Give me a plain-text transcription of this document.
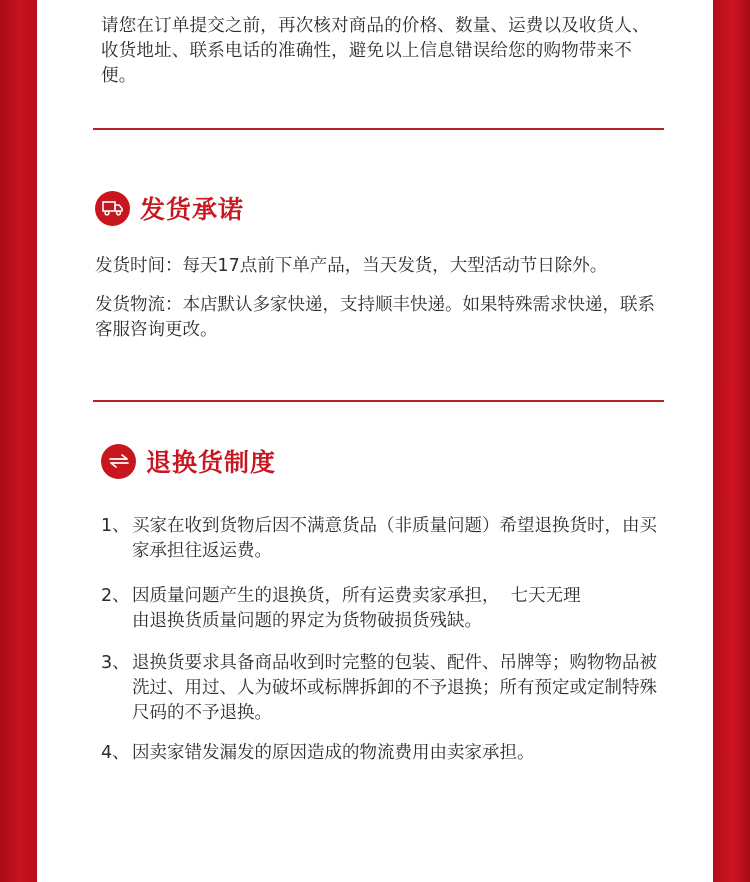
请您在订单提交之前，再次核对商品的价格、数量、运费以及收货人、收货地址、联系电话的准确性，避免以上信息错误给您的购物带来不便。
发货承诺
发货时间：每天17点前下单产品，当天发货，大型活动节日除外。
发货物流：本店默认多家快递，支持顺丰快递。如果特殊需求快递，联系客服咨询更改。
退换货制度
1、 买家在收到货物后因不满意货品（非质量问题）希望退换货时，由买家承担往返运费。
2、 因质量问题产生的退换货，所有运费卖家承担，  七天无理
由退换货质量问题的界定为货物破损货残缺。
3、 退换货要求具备商品收到时完整的包装、配件、吊牌等；购物物品被洗过、用过、人为破坏或标牌拆卸的不予退换；所有预定或定制特殊尺码的不予退换。
4、 因卖家错发漏发的原因造成的物流费用由卖家承担。
